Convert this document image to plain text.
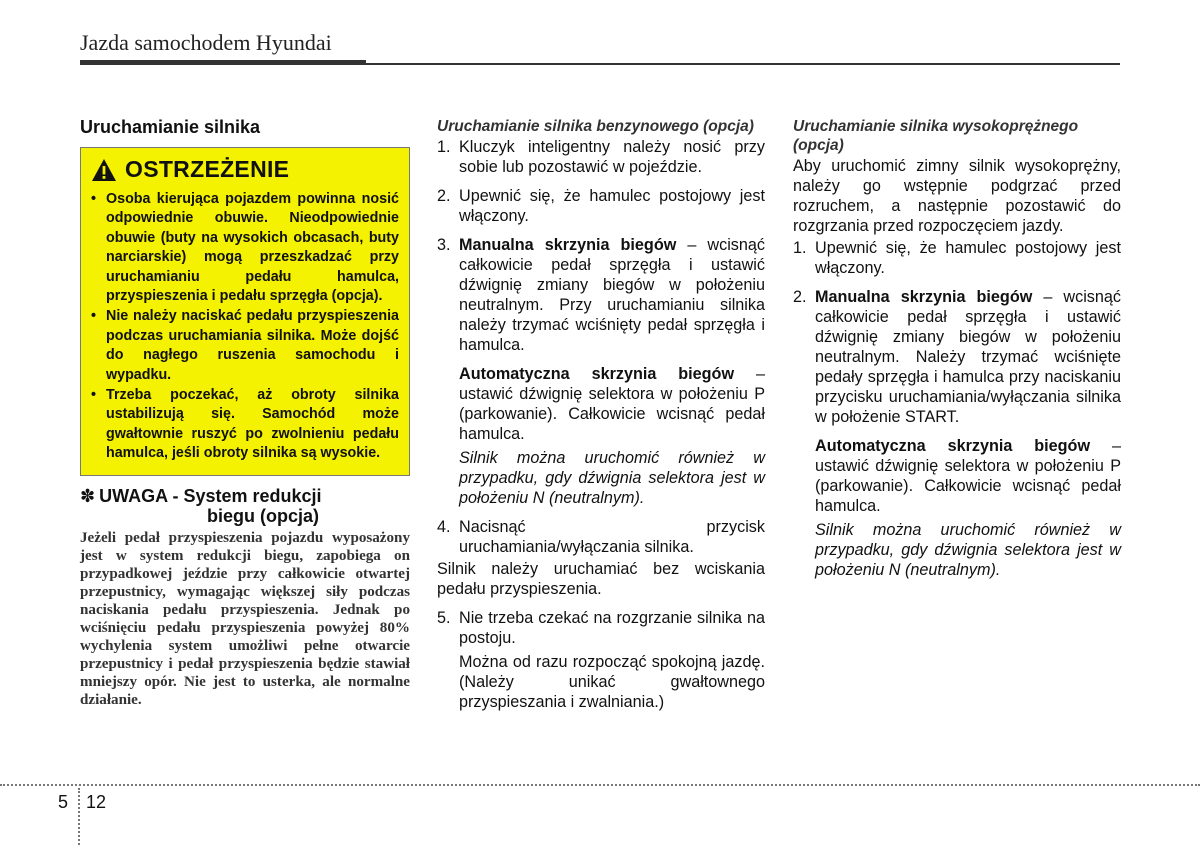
Jazda samochodem Hyundai
Uruchamianie silnika
OSTRZEŻENIE
• Osoba kierująca pojazdem powinna nosić odpowiednie obuwie. Nieodpowiednie obuwie (buty na wysokich obcasach, buty narciarskie) mogą przeszkadzać przy uruchamianiu pedału hamulca, przyspieszenia i pedału sprzęgła (opcja).
• Nie należy naciskać pedału przyspieszenia podczas uruchamiania silnika. Może dojść do nagłego ruszenia samochodu i wypadku.
• Trzeba poczekać, aż obroty silnika ustabilizują się. Samochód może gwałtownie ruszyć po zwolnieniu pedału hamulca, jeśli obroty silnika są wysokie.
✽ UWAGA - System redukcji
biegu (opcja)
Jeżeli pedał przyspieszenia pojazdu wyposażony jest w system redukcji biegu, zapobiega on przypadkowej jeździe przy całkowicie otwartej przepustnicy, wymagając większej siły podczas naciskania pedału przyspieszenia. Jednak po wciśnięciu pedału przyspieszenia powyżej 80% wychylenia system umożliwi pełne otwarcie przepustnicy i pedał przyspieszenia będzie stawiał mniejszy opór. Nie jest to usterka, ale normalne działanie.
Uruchamianie silnika benzynowego (opcja)
1. Kluczyk inteligentny należy nosić przy sobie lub pozostawić w pojeździe.
2. Upewnić się, że hamulec postojowy jest włączony.
3. Manualna skrzynia biegów – wcisnąć całkowicie pedał sprzęgła i ustawić dźwignię zmiany biegów w położeniu neutralnym. Przy uruchamianiu silnika należy trzymać wciśnięty pedał sprzęgła i hamulca.
Automatyczna skrzynia biegów – ustawić dźwignię selektora w położeniu P (parkowanie). Całkowicie wcisnąć pedał hamulca.
Silnik można uruchomić również w przypadku, gdy dźwignia selektora jest w położeniu N (neutralnym).
4. Nacisnąć przycisk uruchamiania/wyłączania silnika.
Silnik należy uruchamiać bez wciskania pedału przyspieszenia.
5. Nie trzeba czekać na rozgrzanie silnika na postoju.
Można od razu rozpocząć spokojną jazdę. (Należy unikać gwałtownego przyspieszania i zwalniania.)
Uruchamianie silnika wysokoprężnego (opcja)
Aby uruchomić zimny silnik wysokoprężny, należy go wstępnie podgrzać przed rozruchem, a następnie pozostawić do rozgrzania przed rozpoczęciem jazdy.
1. Upewnić się, że hamulec postojowy jest włączony.
2. Manualna skrzynia biegów – wcisnąć całkowicie pedał sprzęgła i ustawić dźwignię zmiany biegów w położeniu neutralnym. Należy trzymać wciśnięte pedały sprzęgła i hamulca przy naciskaniu przycisku uruchamiania/wyłączania silnika w położenie START.
Automatyczna skrzynia biegów – ustawić dźwignię selektora w położeniu P (parkowanie). Całkowicie wcisnąć pedał hamulca.
Silnik można uruchomić również w przypadku, gdy dźwignia selektora jest w położeniu N (neutralnym).
5 12
